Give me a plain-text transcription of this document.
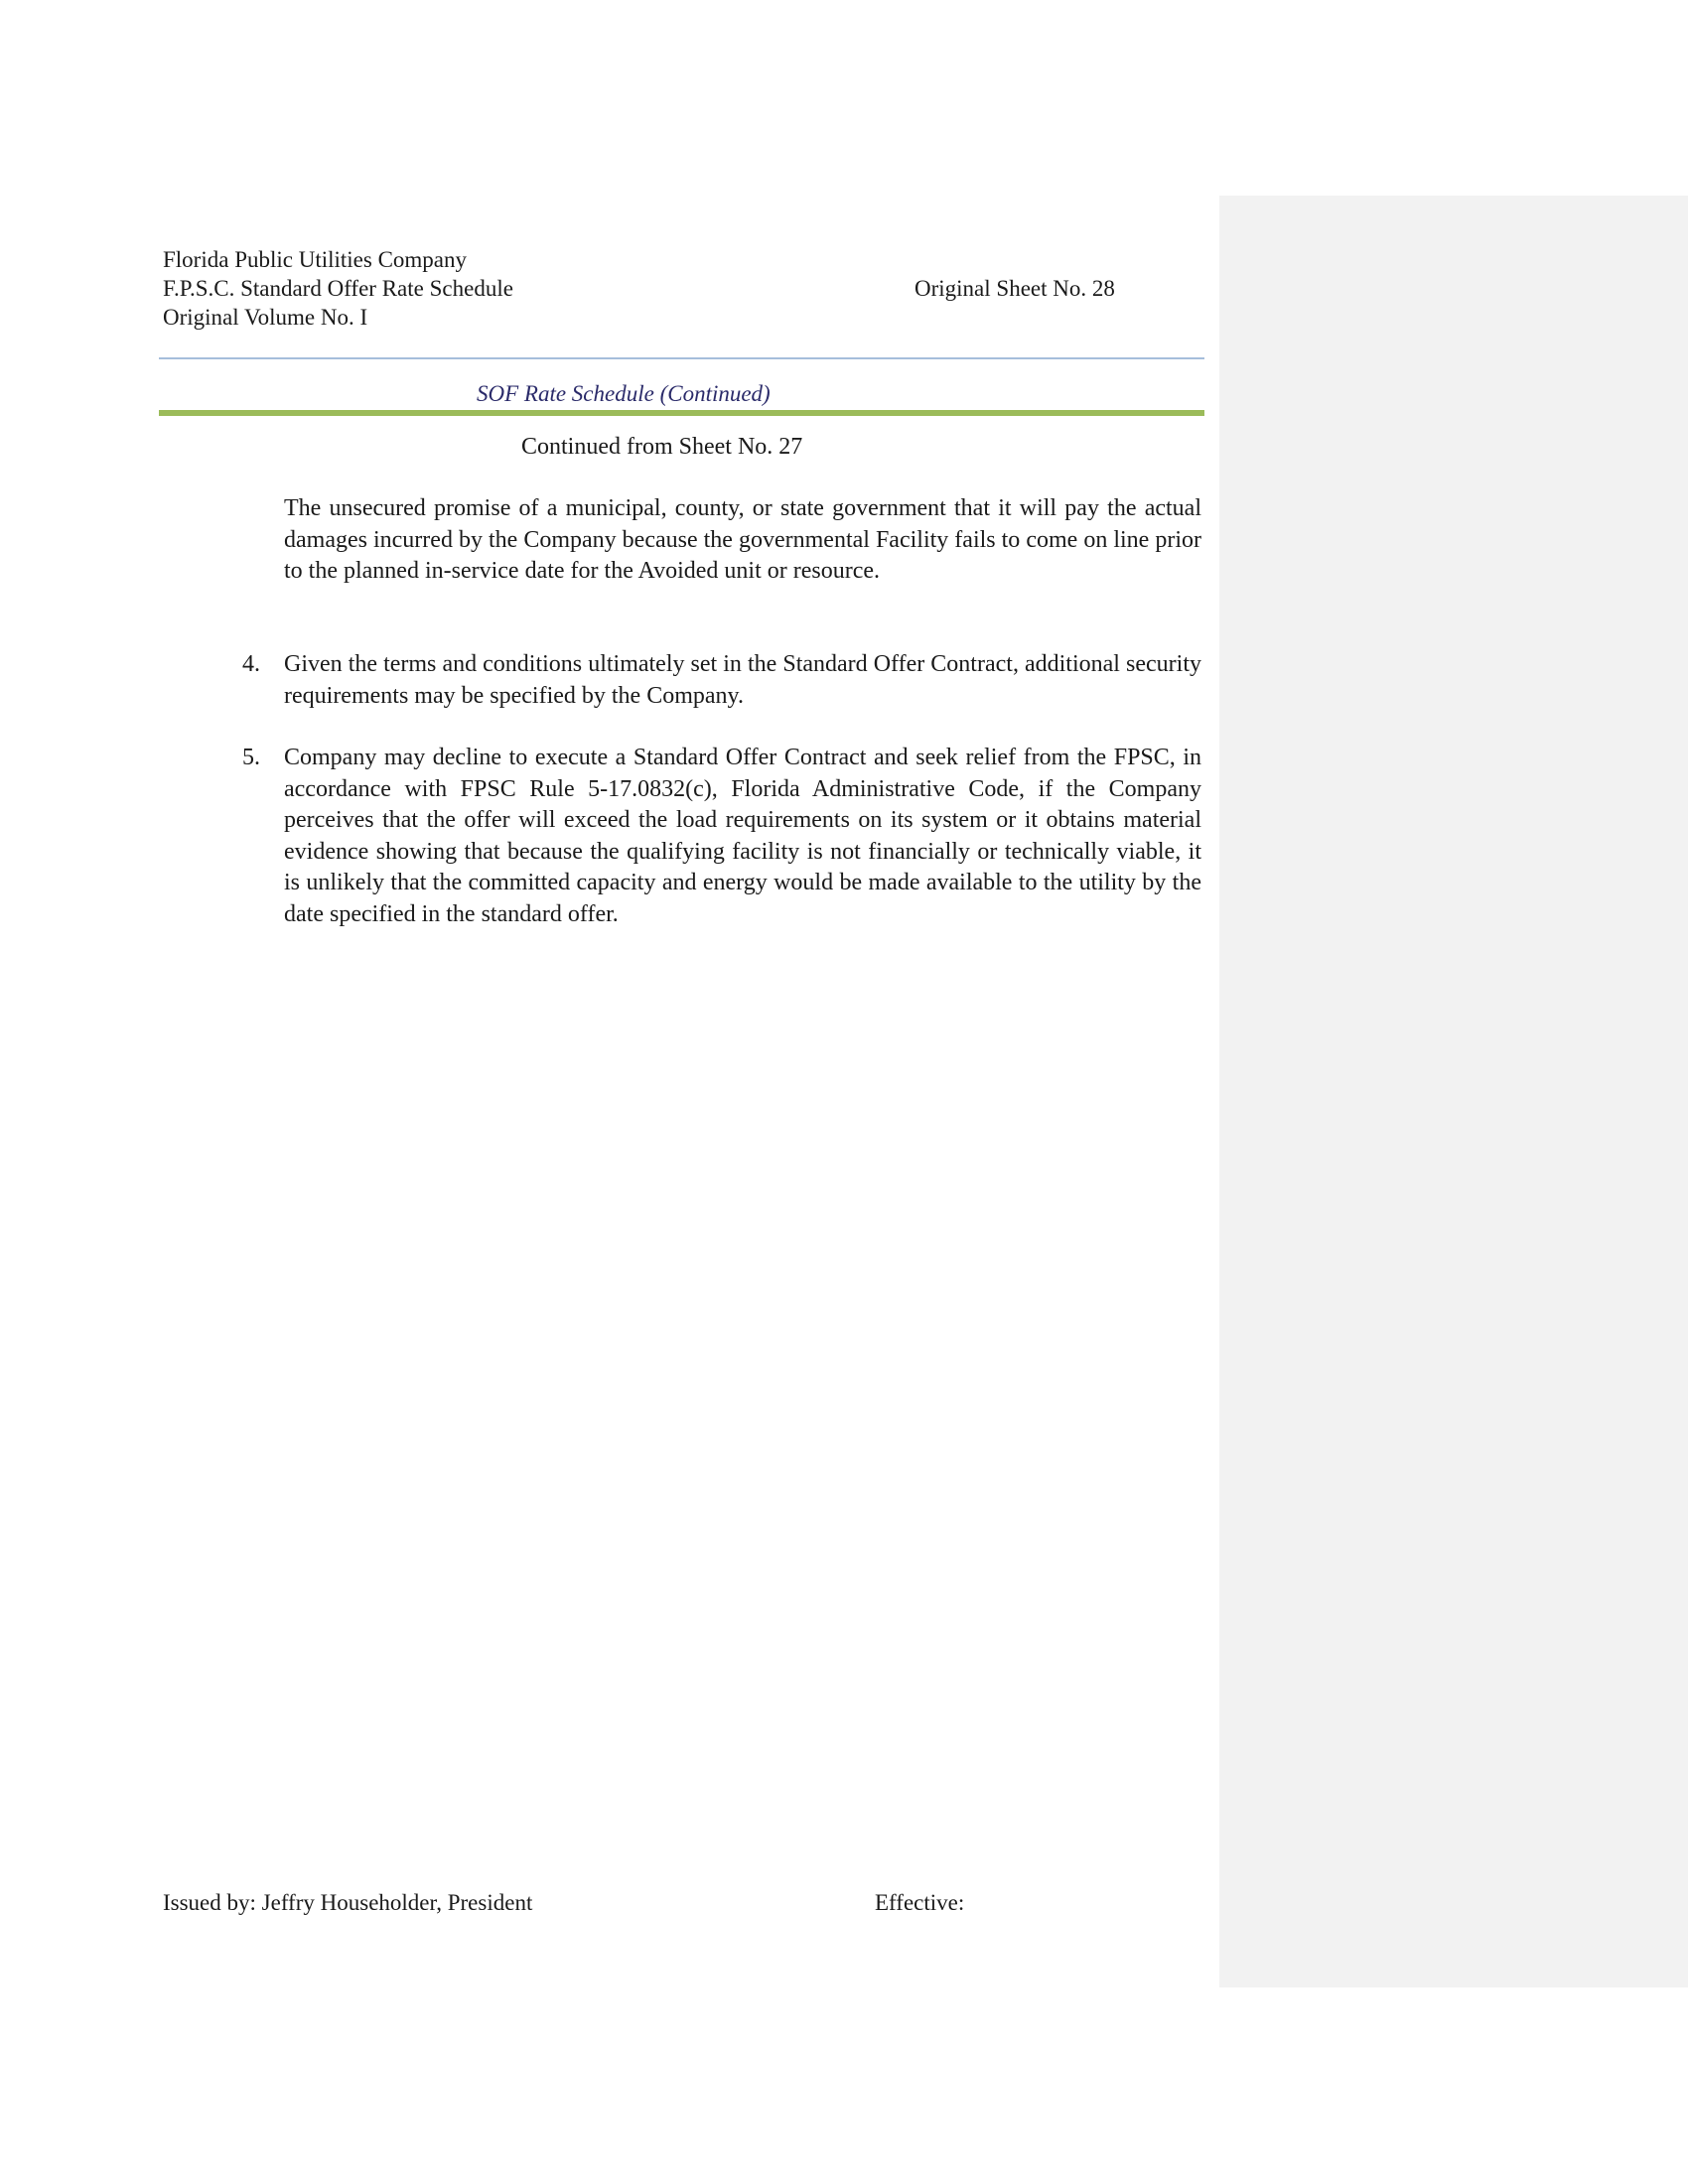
Florida Public Utilities Company
F.P.S.C. Standard Offer Rate Schedule
Original Volume No. I
Original Sheet No. 28
SOF Rate Schedule (Continued)
Continued from Sheet No. 27
The unsecured promise of a municipal, county, or state government that it will pay the actual damages incurred by the Company because the governmental Facility fails to come on line prior to the planned in-service date for the Avoided unit or resource.
4.	Given the terms and conditions ultimately set in the Standard Offer Contract, additional security requirements may be specified by the Company.
5.	Company may decline to execute a Standard Offer Contract and seek relief from the FPSC, in accordance with FPSC Rule 5-17.0832(c), Florida Administrative Code, if the Company perceives that the offer will exceed the load requirements on its system or it obtains material evidence showing that because the qualifying facility is not financially or technically viable, it is unlikely that the committed capacity and energy would be made available to the utility by the date specified in the standard offer.
Issued by: Jeffry Householder, President	Effective:
